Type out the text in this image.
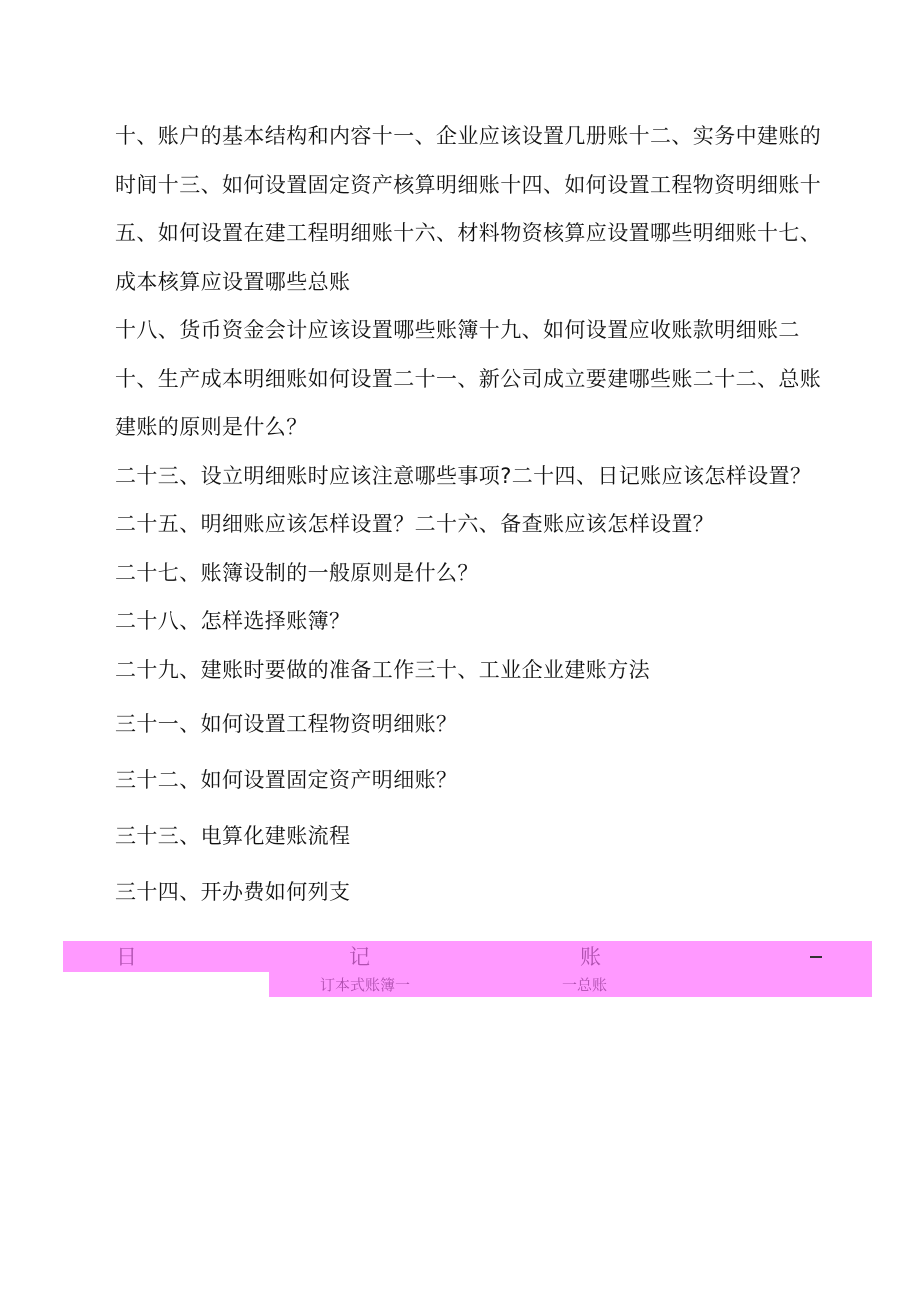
十、账户的基本结构和内容十一、企业应该设置几册账十二、实务中建账的时间十三、如何设置固定资产核算明细账十四、如何设置工程物资明细账十五、如何设置在建工程明细账十六、材料物资核算应设置哪些明细账十七、成本核算应设置哪些总账

十八、货币资金会计应该设置哪些账簿十九、如何设置应收账款明细账二十、生产成本明细账如何设置二十一、新公司成立要建哪些账二十二、总账建账的原则是什么？

二十三、设立明细账时应该注意哪些事项?二十四、日记账应该怎样设置？二十五、明细账应该怎样设置？二十六、备查账应该怎样设置？

二十七、账簿设制的一般原则是什么？

二十八、怎样选择账簿？

二十九、建账时要做的准备工作三十、工业企业建账方法

三十一、如何设置工程物资明细账？

三十二、如何设置固定资产明细账？

三十三、电算化建账流程

三十四、开办费如何列支

日	记	账
订本式账簿一	一总账
